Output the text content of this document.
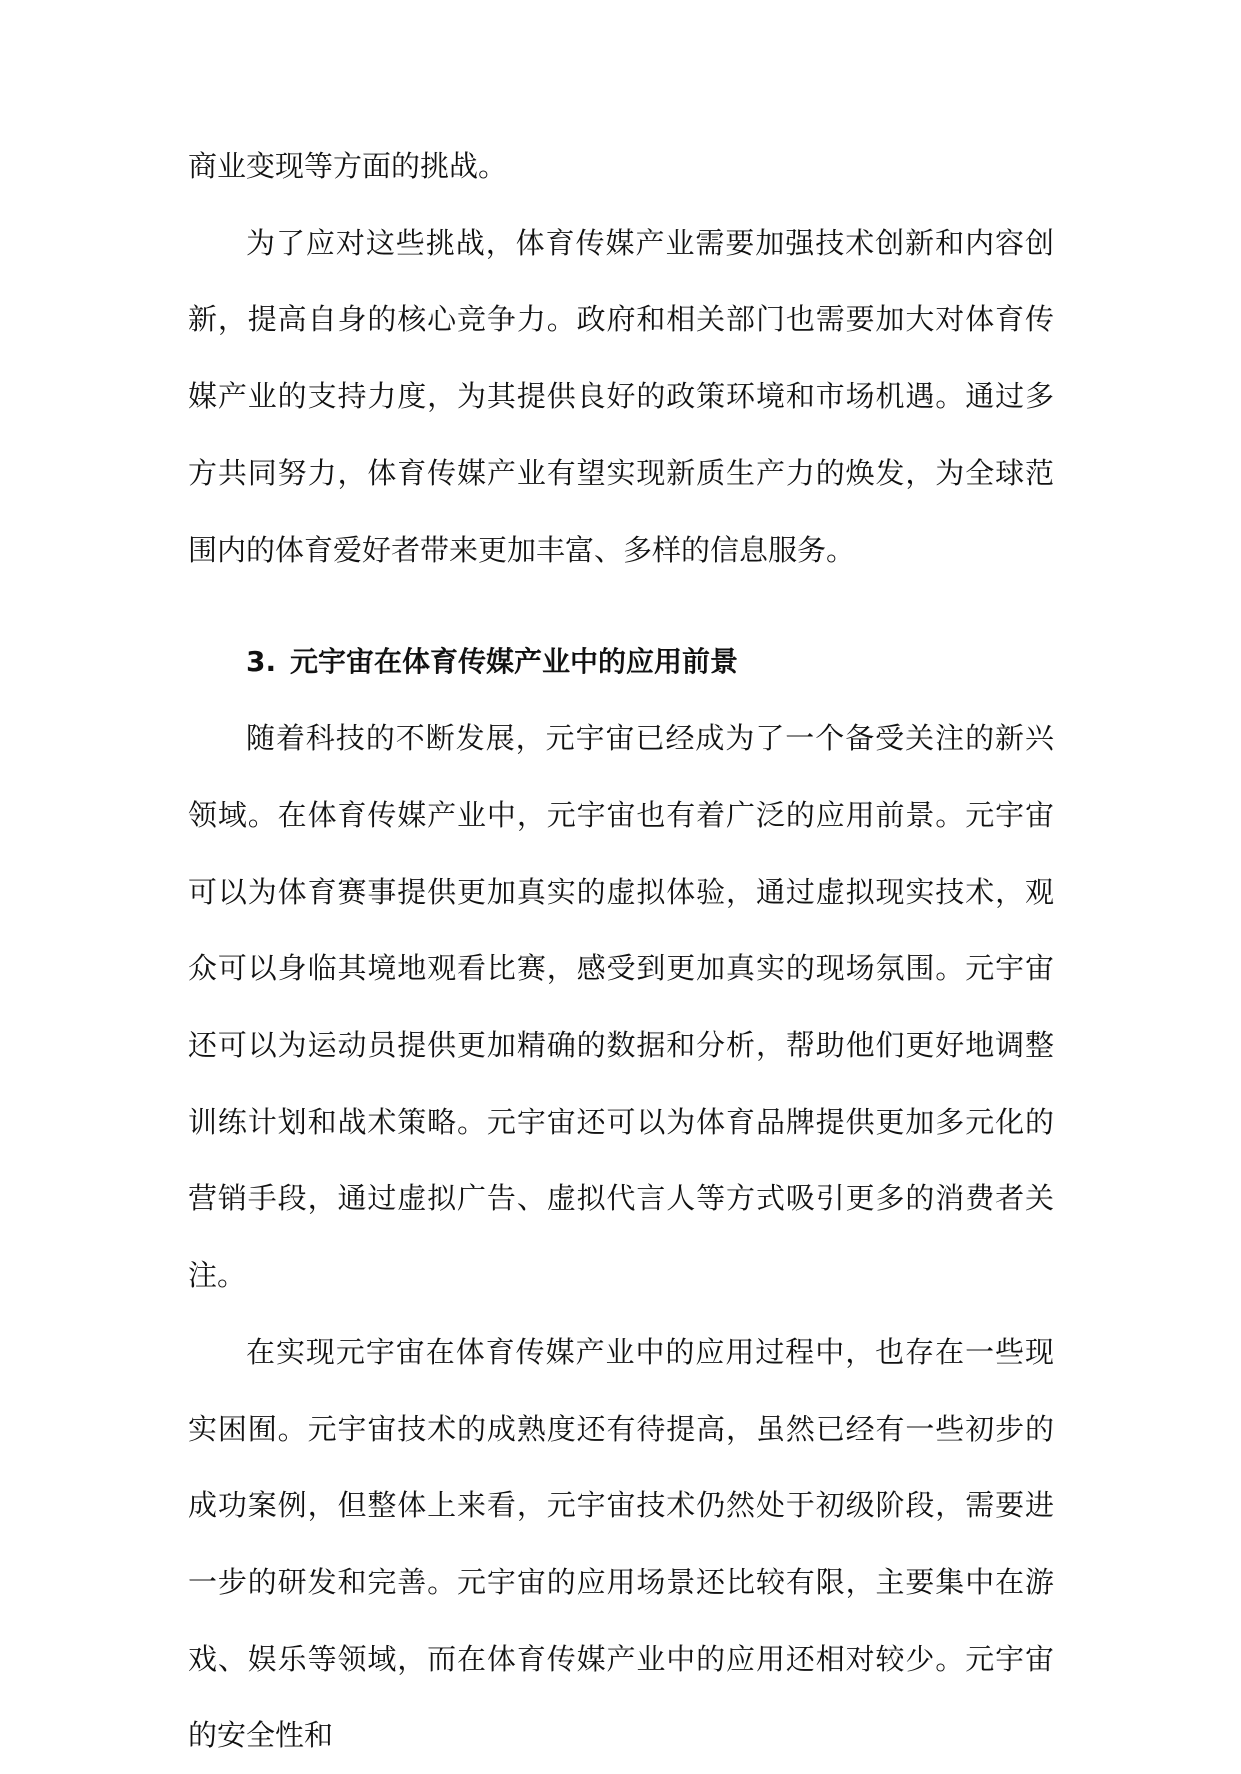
商业变现等方面的挑战。

为了应对这些挑战，体育传媒产业需要加强技术创新和内容创新，提高自身的核心竞争力。政府和相关部门也需要加大对体育传媒产业的支持力度，为其提供良好的政策环境和市场机遇。通过多方共同努力，体育传媒产业有望实现新质生产力的焕发，为全球范围内的体育爱好者带来更加丰富、多样的信息服务。

3. 元宇宙在体育传媒产业中的应用前景

随着科技的不断发展，元宇宙已经成为了一个备受关注的新兴领域。在体育传媒产业中，元宇宙也有着广泛的应用前景。元宇宙可以为体育赛事提供更加真实的虚拟体验，通过虚拟现实技术，观众可以身临其境地观看比赛，感受到更加真实的现场氛围。元宇宙还可以为运动员提供更加精确的数据和分析，帮助他们更好地调整训练计划和战术策略。元宇宙还可以为体育品牌提供更加多元化的营销手段，通过虚拟广告、虚拟代言人等方式吸引更多的消费者关注。

在实现元宇宙在体育传媒产业中的应用过程中，也存在一些现实困囿。元宇宙技术的成熟度还有待提高，虽然已经有一些初步的成功案例，但整体上来看，元宇宙技术仍然处于初级阶段，需要进一步的研发和完善。元宇宙的应用场景还比较有限，主要集中在游戏、娱乐等领域，而在体育传媒产业中的应用还相对较少。元宇宙的安全性和
